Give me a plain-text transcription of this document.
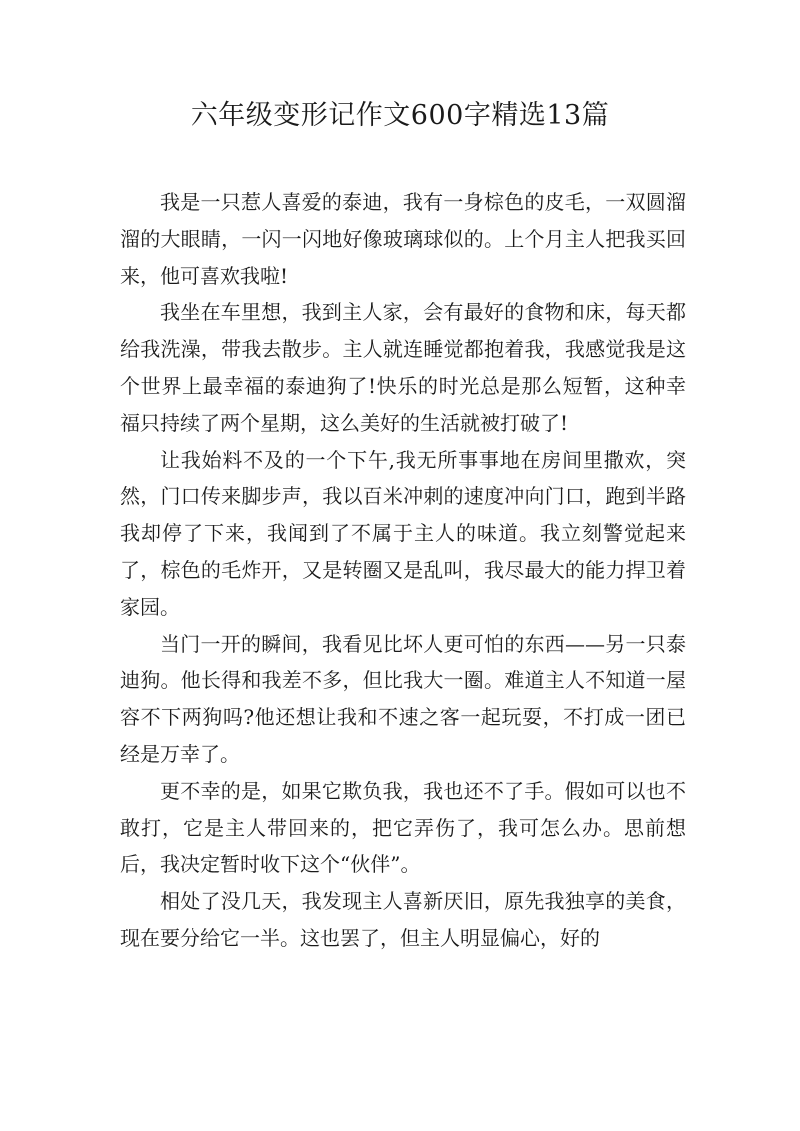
六年级变形记作文600字精选13篇

我是一只惹人喜爱的泰迪，我有一身棕色的皮毛，一双圆溜溜的大眼睛，一闪一闪地好像玻璃球似的。上个月主人把我买回来，他可喜欢我啦!

我坐在车里想，我到主人家，会有最好的食物和床，每天都给我洗澡，带我去散步。主人就连睡觉都抱着我，我感觉我是这个世界上最幸福的泰迪狗了!快乐的时光总是那么短暂，这种幸福只持续了两个星期，这么美好的生活就被打破了!

让我始料不及的一个下午,我无所事事地在房间里撒欢，突然，门口传来脚步声，我以百米冲刺的速度冲向门口，跑到半路我却停了下来，我闻到了不属于主人的味道。我立刻警觉起来了，棕色的毛炸开，又是转圈又是乱叫，我尽最大的能力捍卫着家园。

当门一开的瞬间，我看见比坏人更可怕的东西——另一只泰迪狗。他长得和我差不多，但比我大一圈。难道主人不知道一屋容不下两狗吗?他还想让我和不速之客一起玩耍，不打成一团已经是万幸了。

更不幸的是，如果它欺负我，我也还不了手。假如可以也不敢打，它是主人带回来的，把它弄伤了，我可怎么办。思前想后，我决定暂时收下这个“伙伴”。

相处了没几天，我发现主人喜新厌旧，原先我独享的美食，现在要分给它一半。这也罢了，但主人明显偏心，好的
